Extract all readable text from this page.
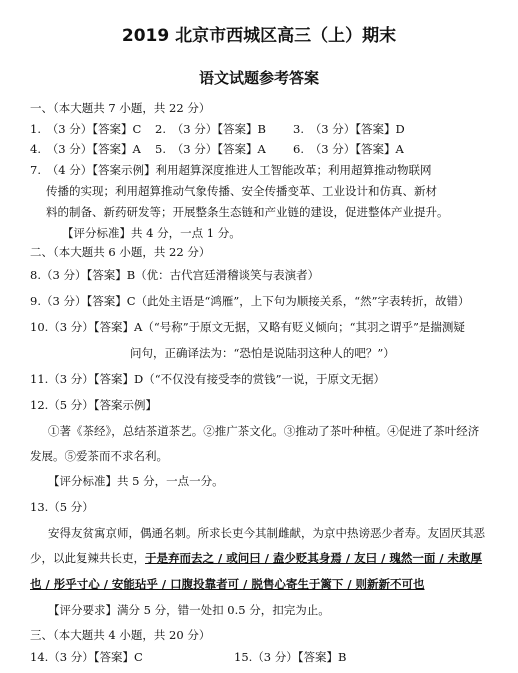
2019 北京市西城区高三（上）期末
语文试题参考答案
一、（本大题共 7 小题，共 22 分）
1.　（3 分）【答案】C 2.　（3 分）【答案】B 3.　（3 分）【答案】D
4.　（3 分）【答案】A 5.　（3 分）【答案】A 6.　（3 分）【答案】A
7.　（4 分）【答案示例】利用超算深度推进人工智能改革；利用超算推动物联网
传播的实现；利用超算推动气象传播、安全传播变革、工业设计和仿真、新材
料的制备、新药研发等；开展整条生态链和产业链的建设，促进整体产业提升。
【评分标准】共 4 分，一点 1 分。
二、（本大题共 6 小题，共 22 分）
8.（3 分）【答案】B（优：古代宫廷滑稽谈笑与表演者）
9.（3 分）【答案】C（此处主语是“鸿雁”，上下句为顺接关系，“然”字表转折，故错）
10.（3 分）【答案】A（“号称”于原文无据，又略有贬义倾向；“其羽之谓乎”是揣测疑
问句，正确译法为：“恐怕是说陆羽这种人的吧？”）
11.（3 分）【答案】D（“不仅没有接受李的赏钱”一说，于原文无据）
12.（5 分）【答案示例】
①著《茶经》，总结茶道茶艺。②推广茶文化。③推动了茶叶种植。④促进了茶叶经济
发展。⑤爱茶而不求名利。
【评分标准】共 5 分，一点一分。
13.（5 分）
安得友贫寓京师，偶通名刺。所求长吏今其制雌献，为京中热谤恶少者寿。友固厌其恶
少，以此复辣共长吏，于是弃而去之 / 或问曰 / 盍少贬其身焉 / 友曰 / 瑰然一面 / 未敢厚
也 / 彤乎寸心 / 安能玷乎 / 口腹投靠者可 / 脱售心寄生于篱下 / 则新新不可也
【评分要求】满分 5 分，错一处扣 0.5 分，扣完为止。
三、（本大题共 4 小题，共 20 分）
14.（3 分）【答案】C	15.（3 分）【答案】B
